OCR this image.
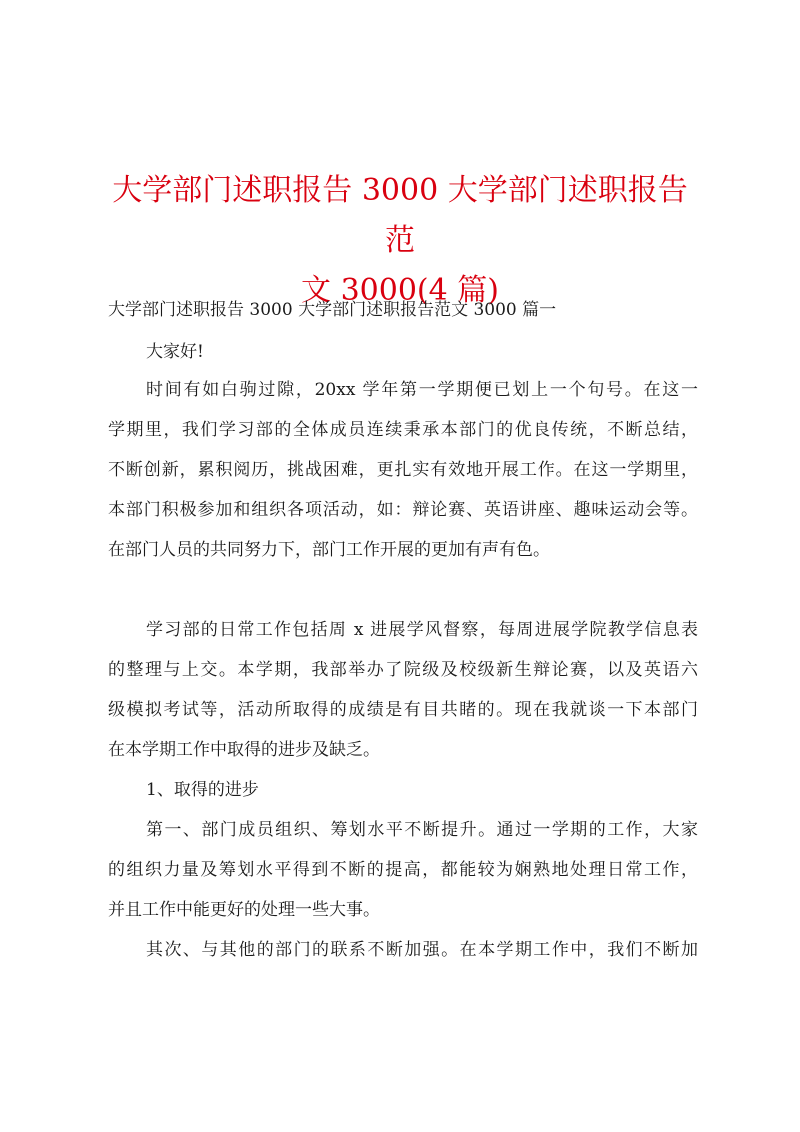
大学部门述职报告 3000 大学部门述职报告范
文 3000(4 篇)

大学部门述职报告 3000 大学部门述职报告范文 3000 篇一

大家好!

时间有如白驹过隙，20xx 学年第一学期便已划上一个句号。在这一

学期里，我们学习部的全体成员连续秉承本部门的优良传统，不断总结，

不断创新，累积阅历，挑战困难，更扎实有效地开展工作。在这一学期里，

本部门积极参加和组织各项活动，如：辩论赛、英语讲座、趣味运动会等。

在部门人员的共同努力下，部门工作开展的更加有声有色。

学习部的日常工作包括周 x 进展学风督察，每周进展学院教学信息表

的整理与上交。本学期，我部举办了院级及校级新生辩论赛，以及英语六

级模拟考试等，活动所取得的成绩是有目共睹的。现在我就谈一下本部门

在本学期工作中取得的进步及缺乏。

1、取得的进步

第一、部门成员组织、筹划水平不断提升。通过一学期的工作，大家

的组织力量及筹划水平得到不断的提高，都能较为娴熟地处理日常工作，

并且工作中能更好的处理一些大事。

其次、与其他的部门的联系不断加强。在本学期工作中，我们不断加
